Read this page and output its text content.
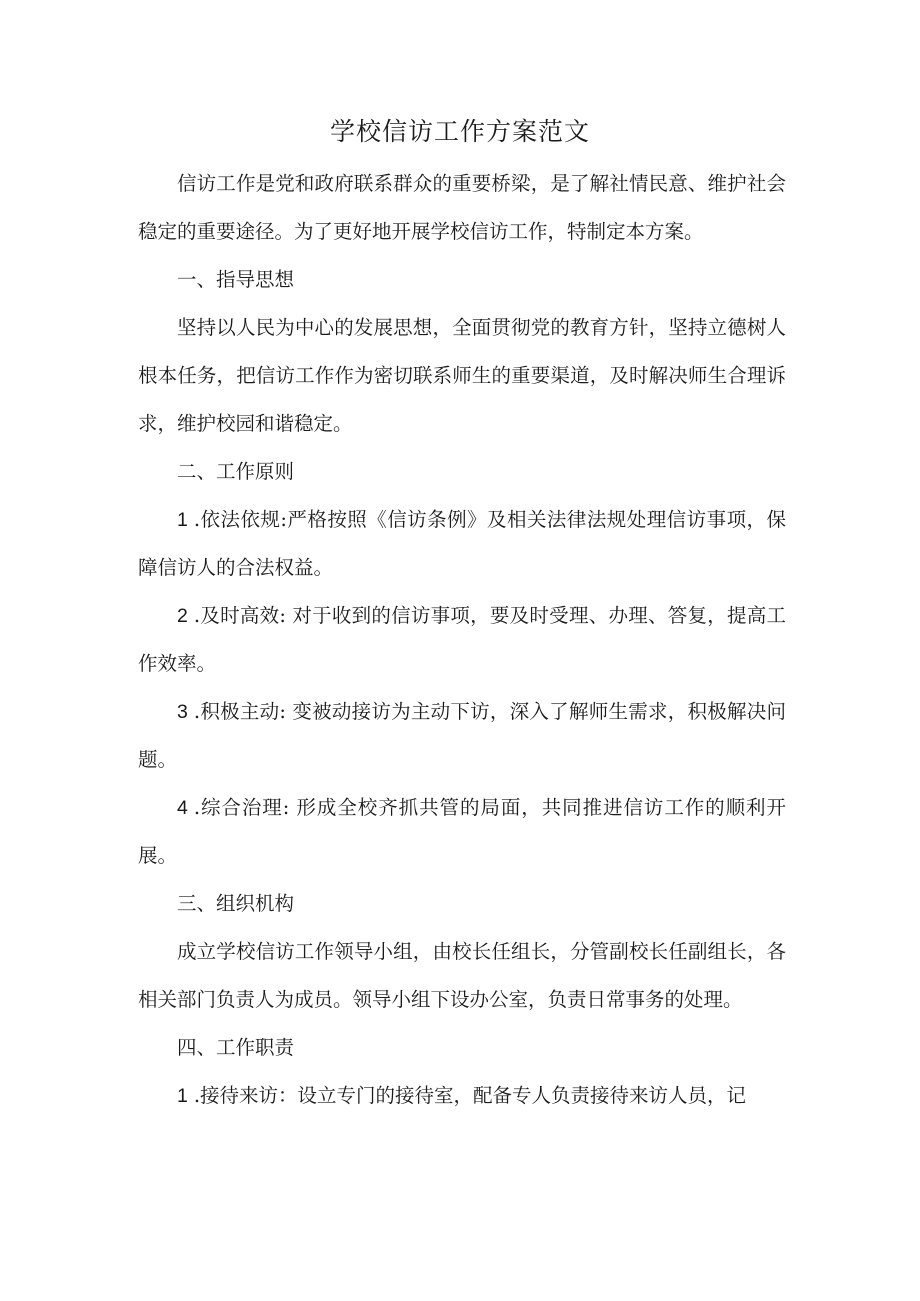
学校信访工作方案范文

信访工作是党和政府联系群众的重要桥梁，是了解社情民意、维护社会稳定的重要途径。为了更好地开展学校信访工作，特制定本方案。

一、指导思想

坚持以人民为中心的发展思想，全面贯彻党的教育方针，坚持立德树人根本任务，把信访工作作为密切联系师生的重要渠道，及时解决师生合理诉求，维护校园和谐稳定。

二、工作原则

1 .依法依规:严格按照《信访条例》及相关法律法规处理信访事项，保障信访人的合法权益。

2 .及时高效: 对于收到的信访事项，要及时受理、办理、答复，提高工作效率。

3 .积极主动: 变被动接访为主动下访，深入了解师生需求，积极解决问题。

4 .综合治理: 形成全校齐抓共管的局面，共同推进信访工作的顺利开展。

三、组织机构

成立学校信访工作领导小组，由校长任组长，分管副校长任副组长，各相关部门负责人为成员。领导小组下设办公室，负责日常事务的处理。

四、工作职责

1 .接待来访：设立专门的接待室，配备专人负责接待来访人员，记
